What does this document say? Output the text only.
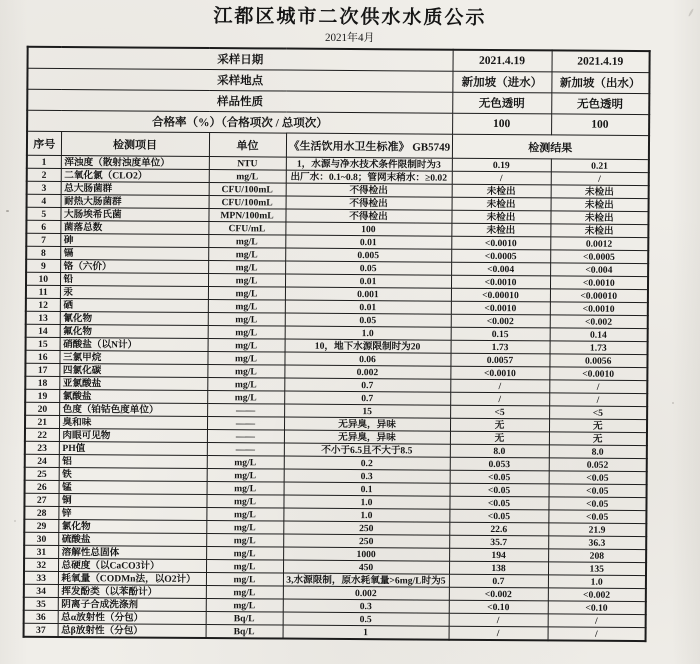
江都区城市二次供水水质公示
2021年4月
采样日期				2021.4.19	2021.4.19
采样地点				新加坡（进水）	新加坡（出水）
样品性质				无色透明	无色透明
合格率（%）（合格项次 / 总项次）				100	100
序号	检测项目	单位	《生活饮用水卫生标准》 GB5749	检测结果	
1	浑浊度（散射浊度单位）	NTU	1，水源与净水技术条件限制时为3	0.19	0.21
2	二氧化氯（CLO2）	mg/L	出厂水：0.1~0.8；管网末稍水：≥0.02	/	/
3	总大肠菌群	CFU/100mL	不得检出	未检出	未检出
4	耐热大肠菌群	CFU/100mL	不得检出	未检出	未检出
5	大肠埃希氏菌	MPN/100mL	不得检出	未检出	未检出
6	菌落总数	CFU/mL	100	未检出	未检出
7	砷	mg/L	0.01	<0.0010	0.0012
8	镉	mg/L	0.005	<0.0005	<0.0005
9	铬（六价）	mg/L	0.05	<0.004	<0.004
10	铅	mg/L	0.01	<0.0010	<0.0010
11	汞	mg/L	0.001	<0.00010	<0.00010
12	硒	mg/L	0.01	<0.0010	<0.0010
13	氰化物	mg/L	0.05	<0.002	<0.002
14	氟化物	mg/L	1.0	0.15	0.14
15	硝酸盐（以N计）	mg/L	10，地下水源限制时为20	1.73	1.73
16	三氯甲烷	mg/L	0.06	0.0057	0.0056
17	四氯化碳	mg/L	0.002	<0.0010	<0.0010
18	亚氯酸盐	mg/L	0.7	/	/
19	氯酸盐	mg/L	0.7	/	/
20	色度（铂钴色度单位）	——	15	<5	<5
21	臭和味	——	无异臭，异味	无	无
22	肉眼可见物	——	无异臭，异味	无	无
23	PH值	——	不小于6.5且不大于8.5	8.0	8.0
24	铝	mg/L	0.2	0.053	0.052
25	铁	mg/L	0.3	<0.05	<0.05
26	锰	mg/L	0.1	<0.05	<0.05
27	铜	mg/L	1.0	<0.05	<0.05
28	锌	mg/L	1.0	<0.05	<0.05
29	氯化物	mg/L	250	22.6	21.9
30	硫酸盐	mg/L	250	35.7	36.3
31	溶解性总固体	mg/L	1000	194	208
32	总硬度（以CaCO3计）	mg/L	450	138	135
33	耗氧量（CODMn法，以O2计）	mg/L	3,水源限制，原水耗氧量>6mg/L时为5	0.7	1.0
34	挥发酚类（以苯酚计）	mg/L	0.002	<0.002	<0.002
35	阴离子合成洗涤剂	mg/L	0.3	<0.10	<0.10
36	总α放射性（分包）	Bq/L	0.5	/	/
37	总β放射性（分包）	Bq/L	1	/	/
